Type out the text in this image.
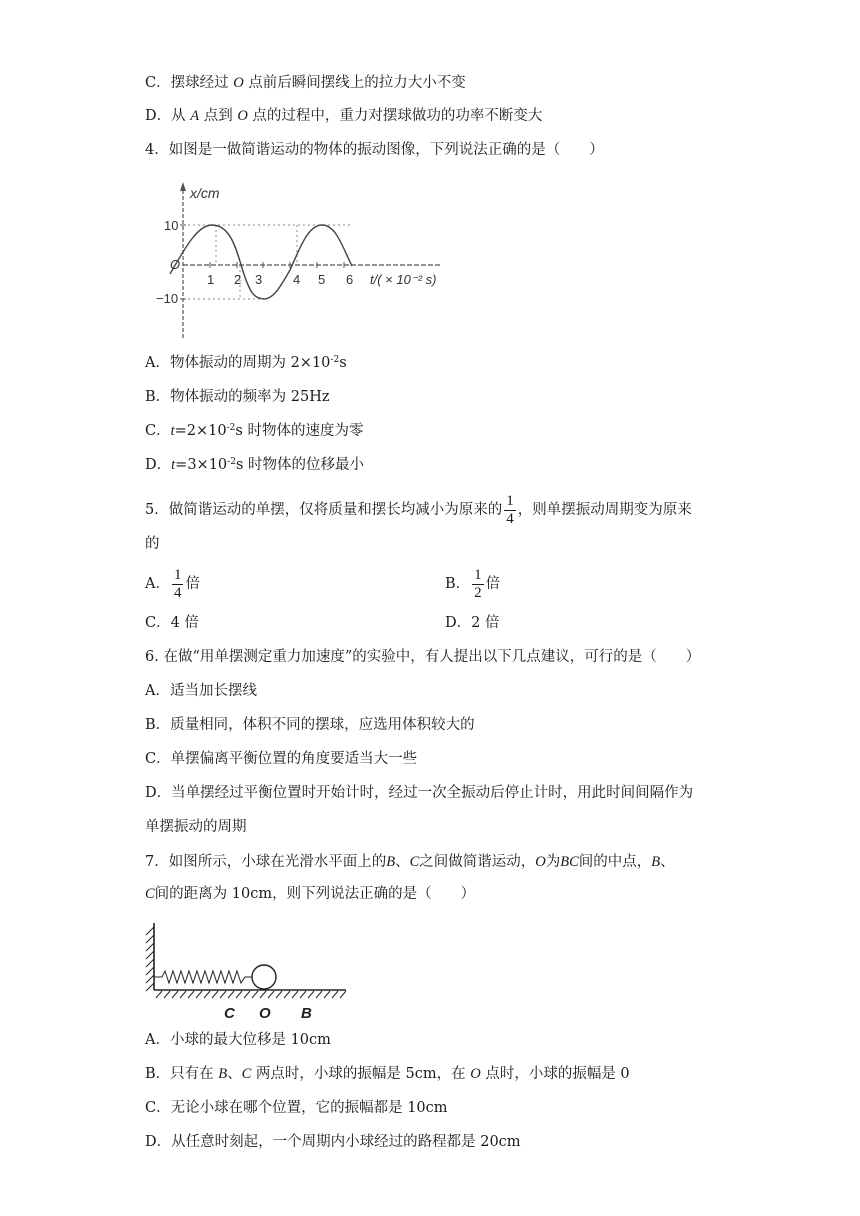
C．摆球经过 O 点前后瞬间摆线上的拉力大小不变
D．从 A 点到 O 点的过程中，重力对摆球做功的功率不断变大
4．如图是一做简谐运动的物体的振动图像，下列说法正确的是（　　）
x/cm
10
O
−10
1 2 3 4 5 6 t/( × 10⁻² s)
A．物体振动的周期为 $2\times 10^{-2}s$
B．物体振动的频率为 25Hz
C．$t=2\times 10^{-2}s$ 时物体的速度为零
D．$t=3\times 10^{-2}s$ 时物体的位移最小
5．做简谐运动的单摆，仅将质量和摆长均减小为原来的 $\frac{1}{4}$ ，则单摆振动周期变为原来
的
A． $\frac{1}{4}$ 倍	B． $\frac{1}{2}$ 倍
C．4 倍	D．2 倍
6. 在做“用单摆测定重力加速度”的实验中，有人提出以下几点建议，可行的是（　　）
A．适当加长摆线
B．质量相同，体积不同的摆球，应选用体积较大的
C．单摆偏离平衡位置的角度要适当大一些
D．当单摆经过平衡位置时开始计时，经过一次全振动后停止计时，用此时间间隔作为
单摆振动的周期
7．如图所示，小球在光滑水平面上的B、C之间做简谐运动，O为BC间的中点，B、
C间的距离为 10cm，则下列说法正确的是（　　）
C O B
A．小球的最大位移是 10cm
B．只有在 B、C 两点时，小球的振幅是 5cm，在 O 点时，小球的振幅是 0
C．无论小球在哪个位置，它的振幅都是 10cm
D．从任意时刻起，一个周期内小球经过的路程都是 20cm
